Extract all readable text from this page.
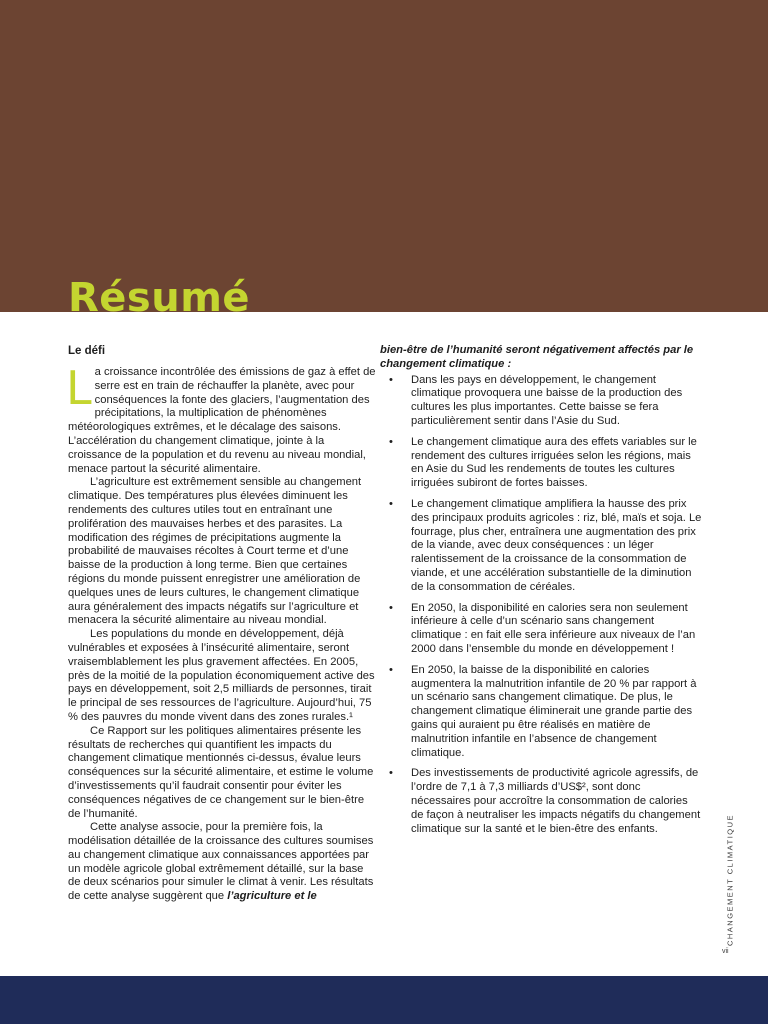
Résumé
Le défi

La croissance incontrôlée des émissions de gaz à effet de serre est en train de réchauffer la planète, avec pour conséquences la fonte des glaciers, l’augmentation des précipitations, la multiplication de phénomènes météorologiques extrêmes, et le décalage des saisons. L’accélération du changement climatique, jointe à la croissance de la population et du revenu au niveau mondial, menace partout la sécurité alimentaire.

L’agriculture est extrêmement sensible au changement climatique. Des températures plus élevées diminuent les rendements des cultures utiles tout en entraînant une prolifération des mauvaises herbes et des parasites. La modification des régimes de précipitations augmente la probabilité de mauvaises récoltes à Court terme et d’une baisse de la production à long terme. Bien que certaines régions du monde puissent enregistrer une amélioration de quelques unes de leurs cultures, le changement climatique aura généralement des impacts négatifs sur l’agriculture et menacera la sécurité alimentaire au niveau mondial.

Les populations du monde en développement, déjà vulnérables et exposées à l’insécurité alimentaire, seront vraisemblablement les plus gravement affectées. En 2005, près de la moitié de la population économiquement active des pays en développement, soit 2,5 milliards de personnes, tirait le principal de ses ressources de l’agriculture. Aujourd’hui, 75 % des pauvres du monde vivent dans des zones rurales.¹

Ce Rapport sur les politiques alimentaires présente les résultats de recherches qui quantifient les impacts du changement climatique mentionnés ci-dessus, évalue leurs conséquences sur la sécurité alimentaire, et estime le volume d’investissements qu’il faudrait consentir pour éviter les conséquences négatives de ce changement sur le bien-être de l’humanité.

Cette analyse associe, pour la première fois, la modélisation détaillée de la croissance des cultures soumises au changement climatique aux connaissances apportées par un modèle agricole global extrêmement détaillé, sur la base de deux scénarios pour simuler le climat à venir. Les résultats de cette analyse suggèrent que l’agriculture et le

bien-être de l’humanité seront négativement affectés par le changement climatique :

• Dans les pays en développement, le changement climatique provoquera une baisse de la production des cultures les plus importantes. Cette baisse se fera particulièrement sentir dans l’Asie du Sud.
• Le changement climatique aura des effets variables sur le rendement des cultures irriguées selon les régions, mais en Asie du Sud les rendements de toutes les cultures irriguées subiront de fortes baisses.
• Le changement climatique amplifiera la hausse des prix des principaux produits agricoles : riz, blé, maïs et soja. Le fourrage, plus cher, entraînera une augmentation des prix de la viande, avec deux conséquences : un léger ralentissement de la croissance de la consommation de viande, et une accélération substantielle de la diminution de la consommation de céréales.
• En 2050, la disponibilité en calories sera non seulement inférieure à celle d’un scénario sans changement climatique : en fait elle sera inférieure aux niveaux de l’an 2000 dans l’ensemble du monde en développement !
• En 2050, la baisse de la disponibilité en calories augmentera la malnutrition infantile de 20 % par rapport à un scénario sans changement climatique. De plus, le changement climatique éliminerait une grande partie des gains qui auraient pu être réalisés en matière de malnutrition infantile en l’absence de changement climatique.
• Des investissements de productivité agricole agressifs, de l’ordre de 7,1 à 7,3 milliards d’US$², sont donc nécessaires pour accroître la consommation de calories de façon à neutraliser les impacts négatifs du changement climatique sur la santé et le bien-être des enfants.	CHANGEMENT CLIMATIQUE
vii
